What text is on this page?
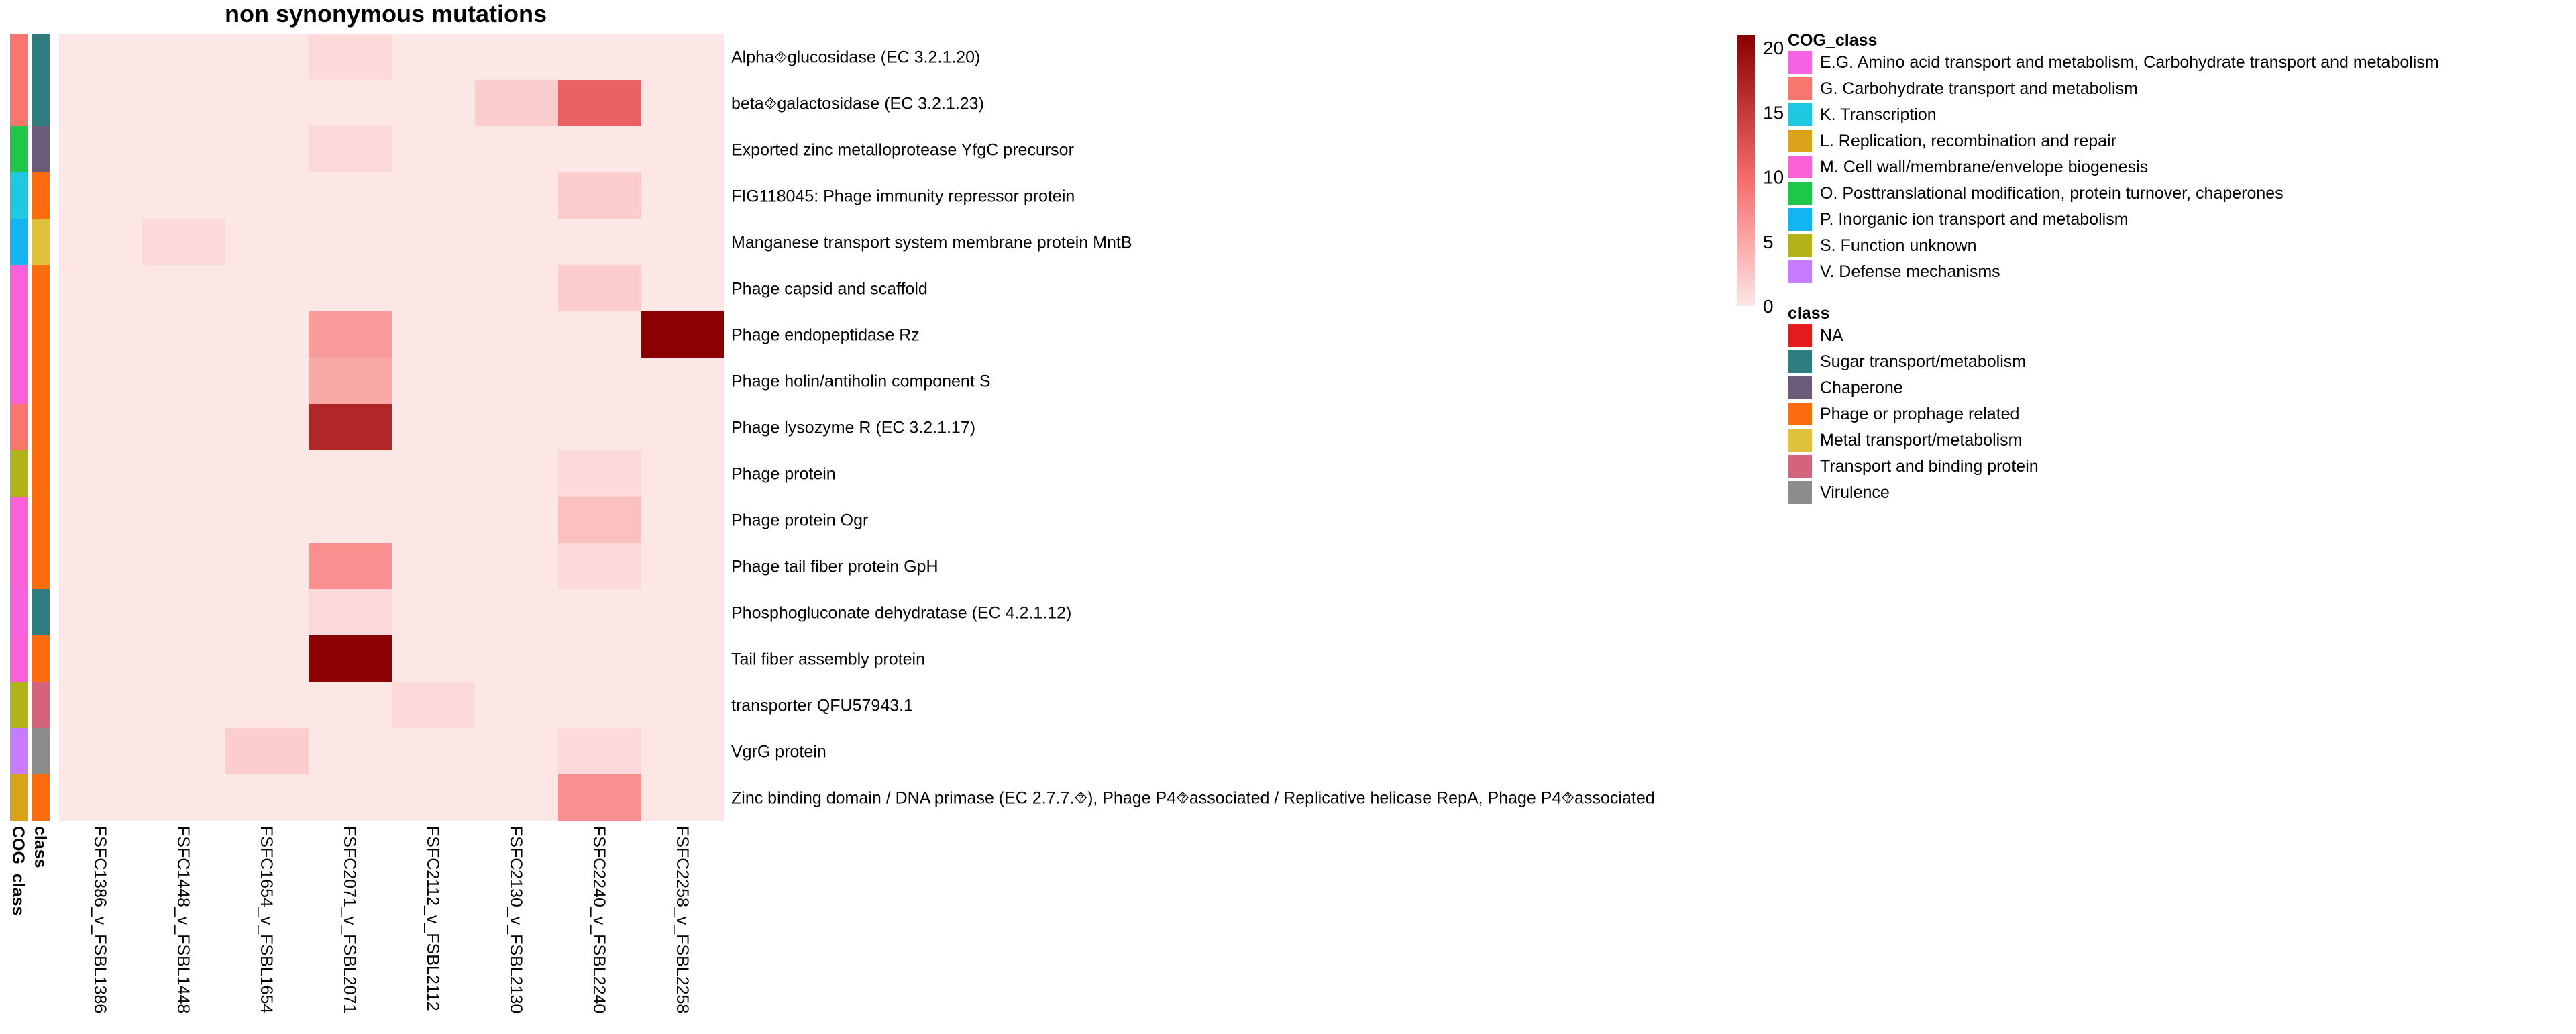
non synonymous mutations
COG_class class
Alpha⯑glucosidase (EC 3.2.1.20)
beta⯑galactosidase (EC 3.2.1.23)
Exported zinc metalloprotease YfgC precursor
FIG118045: Phage immunity repressor protein
Manganese transport system membrane protein MntB
Phage capsid and scaffold
Phage endopeptidase Rz
Phage holin/antiholin component S
Phage lysozyme R (EC 3.2.1.17)
Phage protein
Phage protein Ogr
Phage tail fiber protein GpH
Phosphogluconate dehydratase (EC 4.2.1.12)
Tail fiber assembly protein
transporter QFU57943.1
VgrG protein
Zinc binding domain / DNA primase (EC 2.7.7.⯑), Phage P4⯑associated / Replicative helicase RepA, Phage P4⯑associated
FSFC1386_v_FSBL1386	FSFC1448_v_FSBL1448	FSFC1654_v_FSBL1654	FSFC2071_v_FSBL2071	FSFC2112_v_FSBL2112	FSFC2130_v_FSBL2130	FSFC2240_v_FSBL2240	FSFC2258_v_FSBL2258
0
5
10
15
20 COG_class
E.G. Amino acid transport and metabolism, Carbohydrate transport and metabolism
G. Carbohydrate transport and metabolism
K. Transcription
L. Replication, recombination and repair
M. Cell wall/membrane/envelope biogenesis
O. Posttranslational modification, protein turnover, chaperones
P. Inorganic ion transport and metabolism
S. Function unknown
V. Defense mechanisms
class
NA
Sugar transport/metabolism
Chaperone
Phage or prophage related
Metal transport/metabolism
Transport and binding protein
Virulence
